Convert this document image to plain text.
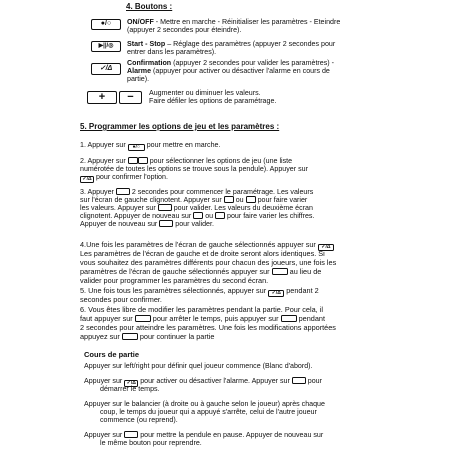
4. Boutons :
●/○ ON/OFF - Mettre en marche - Réinitialiser les paramètres - Eteindre
(appuyer 2 secondes pour éteindre).
▶||/◎ Start - Stop – Réglage des paramètres (appuyer 2 secondes pour
entrer dans les paramètres).
✓/Δ
Confirmation (appuyer 2 secondes pour valider les paramètres) -
Alarme (appuyer pour activer ou désactiver l'alarme en cours de
partie).
+ − Augmenter ou diminuer les valeurs.
Faire défiler les options de paramétrage.
5. Programmer les options de jeu et les paramètres :
1. Appuyer sur ●/○ pour mettre en marche.
2. Appuyer sur	pour sélectionner les options de jeu (une liste
numérotée de toutes les options se trouve sous la pendule). Appuyer sur
✓/Δ pour confirmer l'option.
3. Appuyer	2 secondes pour commencer le paramétrage. Les valeurs
sur l'écran de gauche clignotent. Appuyer sur ou pour faire varier
les valeurs. Appuyer sur	pour valider. Les valeurs du deuxième écran
clignotent. Appuyer de nouveau sur ou pour faire varier les chiffres.
Appuyer de nouveau sur	pour valider.
4.Une fois les paramètres de l'écran de gauche sélectionnés appuyer sur ✓/Δ
Les paramètres de l'écran de gauche et de droite seront alors identiques. Si
vous souhaitez des paramètres différents pour chacun des joueurs, une fois les
paramètres de l'écran de gauche sélectionnés appuyer sur	au lieu de
valider pour programmer les paramètres du second écran.
5. Une fois tous les paramètres sélectionnés, appuyer sur ✓/Δ pendant 2
secondes pour confirmer.
6. Vous êtes libre de modifier les paramètres pendant la partie. Pour cela, il
faut appuyer sur	pour arrêter le temps, puis appuyer sur	pendant
2 secondes pour atteindre les paramètres. Une fois les modifications apportées
appuyez sur	pour continuer la partie
Cours de partie
Appuyer sur left/right pour définir quel joueur commence (Blanc d'abord).
Appuyer sur ✓/Δ pour activer ou désactiver l'alarme. Appuyer sur	pour
démarrer le temps.
Appuyer sur le balancier (à droite ou à gauche selon le joueur) après chaque
coup, le temps du joueur qui a appuyé s'arrête, celui de l'autre joueur
commence (ou reprend).
Appuyer sur	pour mettre la pendule en pause. Appuyer de nouveau sur
le même bouton pour reprendre.
